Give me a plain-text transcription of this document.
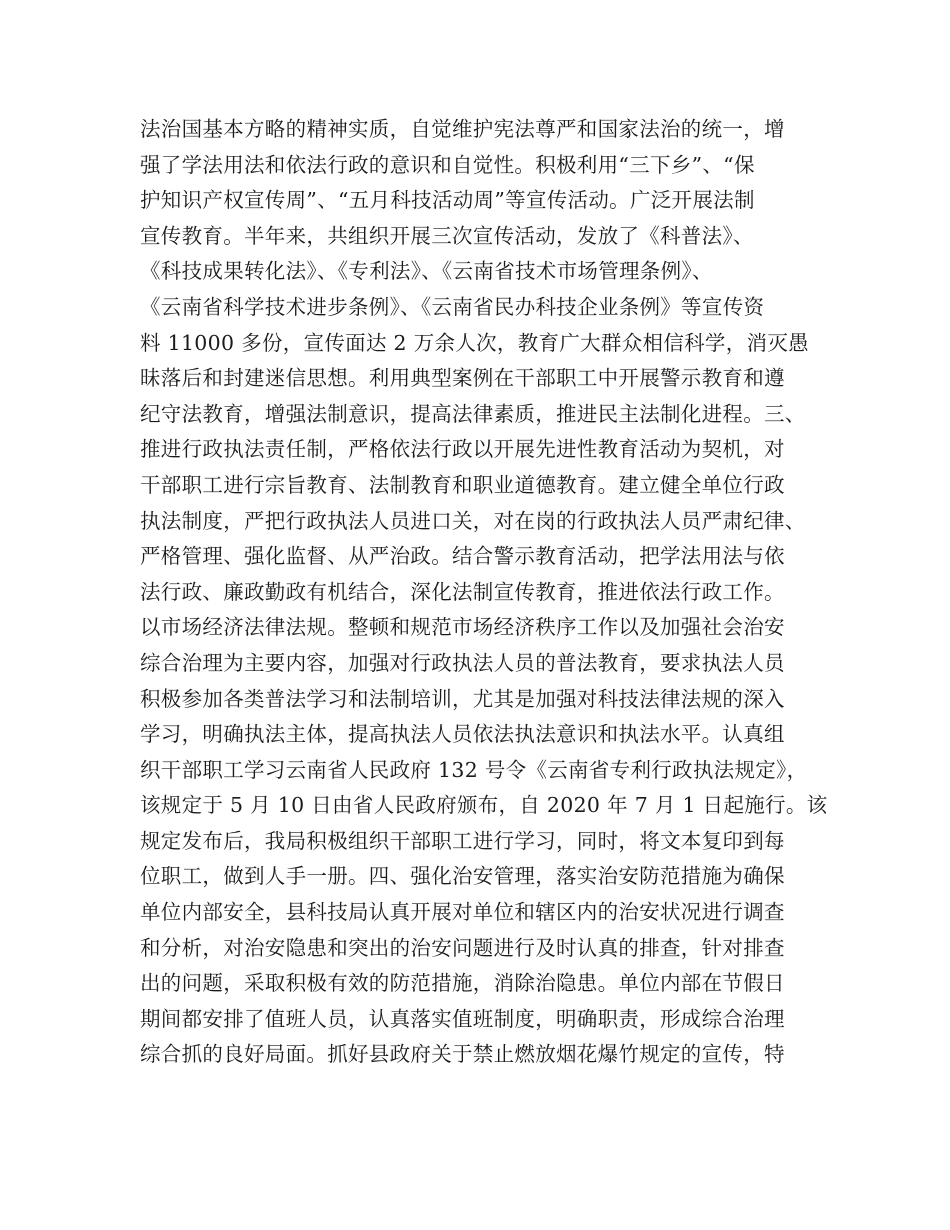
法治国基本方略的精神实质，自觉维护宪法尊严和国家法治的统一，增
强了学法用法和依法行政的意识和自觉性。积极利用“三下乡”、“保
护知识产权宣传周”、“五月科技活动周”等宣传活动。广泛开展法制
宣传教育。半年来，共组织开展三次宣传活动，发放了《科普法》、
《科技成果转化法》、《专利法》、《云南省技术市场管理条例》、
《云南省科学技术进步条例》、《云南省民办科技企业条例》等宣传资
料 11000 多份，宣传面达 2 万余人次，教育广大群众相信科学，消灭愚
昧落后和封建迷信思想。利用典型案例在干部职工中开展警示教育和遵
纪守法教育，增强法制意识，提高法律素质，推进民主法制化进程。三、
推进行政执法责任制，严格依法行政以开展先进性教育活动为契机，对
干部职工进行宗旨教育、法制教育和职业道德教育。建立健全单位行政
执法制度，严把行政执法人员进口关，对在岗的行政执法人员严肃纪律、
严格管理、强化监督、从严治政。结合警示教育活动，把学法用法与依
法行政、廉政勤政有机结合，深化法制宣传教育，推进依法行政工作。
以市场经济法律法规。整顿和规范市场经济秩序工作以及加强社会治安
综合治理为主要内容，加强对行政执法人员的普法教育，要求执法人员
积极参加各类普法学习和法制培训，尤其是加强对科技法律法规的深入
学习，明确执法主体，提高执法人员依法执法意识和执法水平。认真组
织干部职工学习云南省人民政府 132 号令《云南省专利行政执法规定》，
该规定于 5 月 10 日由省人民政府颁布，自 2020 年 7 月 1 日起施行。该
规定发布后，我局积极组织干部职工进行学习，同时，将文本复印到每
位职工，做到人手一册。四、强化治安管理，落实治安防范措施为确保
单位内部安全，县科技局认真开展对单位和辖区内的治安状况进行调查
和分析，对治安隐患和突出的治安问题进行及时认真的排查，针对排查
出的问题，采取积极有效的防范措施，消除治隐患。单位内部在节假日
期间都安排了值班人员，认真落实值班制度，明确职责，形成综合治理
综合抓的良好局面。抓好县政府关于禁止燃放烟花爆竹规定的宣传，特
